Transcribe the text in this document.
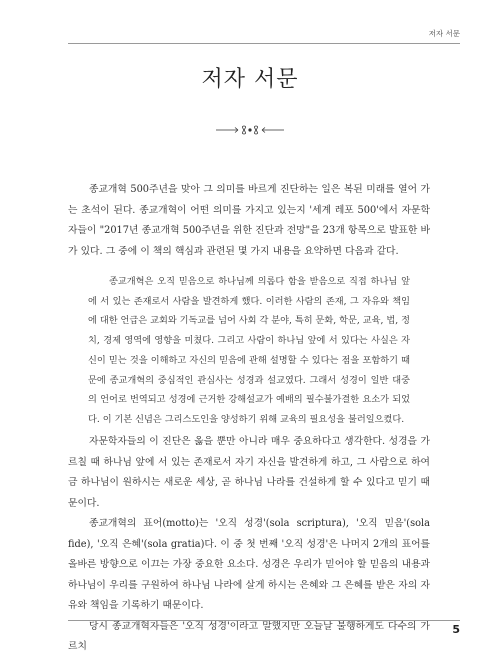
저자 서문
저자 서문

종교개혁 500주년을 맞아 그 의미를 바르게 진단하는 일은 복된 미래를 열어 가는 초석이 된다. 종교개혁이 어떤 의미를 가지고 있는지 '세계 레포 500'에서 자문학자들이 "2017년 종교개혁 500주년을 위한 진단과 전망"을 23개 항목으로 발표한 바가 있다. 그 중에 이 책의 핵심과 관련된 몇 가지 내용을 요약하면 다음과 같다.

종교개혁은 오직 믿음으로 하나님께 의롭다 함을 받음으로 직접 하나님 앞에 서 있는 존재로서 사람을 발견하게 했다. 이러한 사람의 존재, 그 자유와 책임에 대한 언급은 교회와 기독교를 넘어 사회 각 분야, 특히 문화, 학문, 교육, 법, 정치, 경제 영역에 영향을 미쳤다. 그리고 사람이 하나님 앞에 서 있다는 사실은 자신이 믿는 것을 이해하고 자신의 믿음에 관해 설명할 수 있다는 점을 포함하기 때문에 종교개혁의 중심적인 관심사는 성경과 설교였다. 그래서 성경이 일반 대중의 언어로 번역되고 성경에 근거한 강해설교가 예배의 필수불가결한 요소가 되었다. 이 기본 신념은 그리스도인을 양성하기 위해 교육의 필요성을 불러일으켰다.

자문학자들의 이 진단은 옳을 뿐만 아니라 매우 중요하다고 생각한다. 성경을 가르칠 때 하나님 앞에 서 있는 존재로서 자기 자신을 발견하게 하고, 그 사람으로 하여금 하나님이 원하시는 새로운 세상, 곧 하나님 나라를 건설하게 할 수 있다고 믿기 때문이다.

종교개혁의 표어(motto)는 '오직 성경'(sola scriptura), '오직 믿음'(sola fide), '오직 은혜'(sola gratia)다. 이 중 첫 번째 '오직 성경'은 나머지 2개의 표어를 올바른 방향으로 이끄는 가장 중요한 요소다. 성경은 우리가 믿어야 할 믿음의 내용과 하나님이 우리를 구원하여 하나님 나라에 살게 하시는 은혜와 그 은혜를 받은 자의 자유와 책임을 기록하기 때문이다.

당시 종교개혁자들은 '오직 성경'이라고 말했지만 오늘날 불행하게도 다수의 가르치

5
